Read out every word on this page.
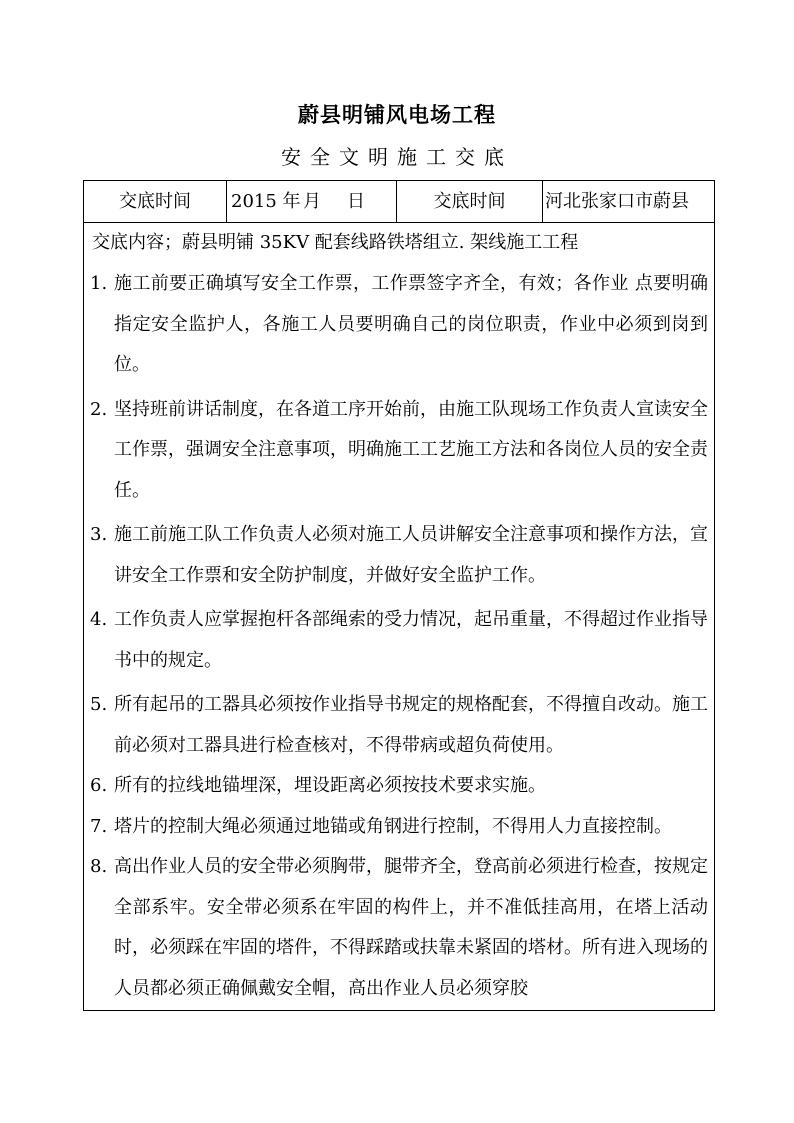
蔚县明铺风电场工程
安全文明施工交底
交底时间	2015 年 月 日	交底时间	河北张家口市蔚县
交底内容；蔚县明铺 35KV 配套线路铁塔组立. 架线施工工程
1. 施工前要正确填写安全工作票，工作票签字齐全，有效；各作业 点要明确指定安全监护人，各施工人员要明确自己的岗位职责，作业中必须到岗到位。
2. 坚持班前讲话制度，在各道工序开始前，由施工队现场工作负责人宣读安全工作票，强调安全注意事项，明确施工工艺施工方法和各岗位人员的安全责任。
3. 施工前施工队工作负责人必须对施工人员讲解安全注意事项和操作方法，宣讲安全工作票和安全防护制度，并做好安全监护工作。
4. 工作负责人应掌握抱杆各部绳索的受力情况，起吊重量，不得超过作业指导书中的规定。
5. 所有起吊的工器具必须按作业指导书规定的规格配套，不得擅自改动。施工前必须对工器具进行检查核对，不得带病或超负荷使用。
6. 所有的拉线地锚埋深，埋设距离必须按技术要求实施。
7. 塔片的控制大绳必须通过地锚或角钢进行控制，不得用人力直接控制。
8. 高出作业人员的安全带必须胸带，腿带齐全，登高前必须进行检查，按规定全部系牢。安全带必须系在牢固的构件上，并不准低挂高用，在塔上活动时，必须踩在牢固的塔件，不得踩踏或扶靠未紧固的塔材。所有进入现场的人员都必须正确佩戴安全帽，高出作业人员必须穿胶
